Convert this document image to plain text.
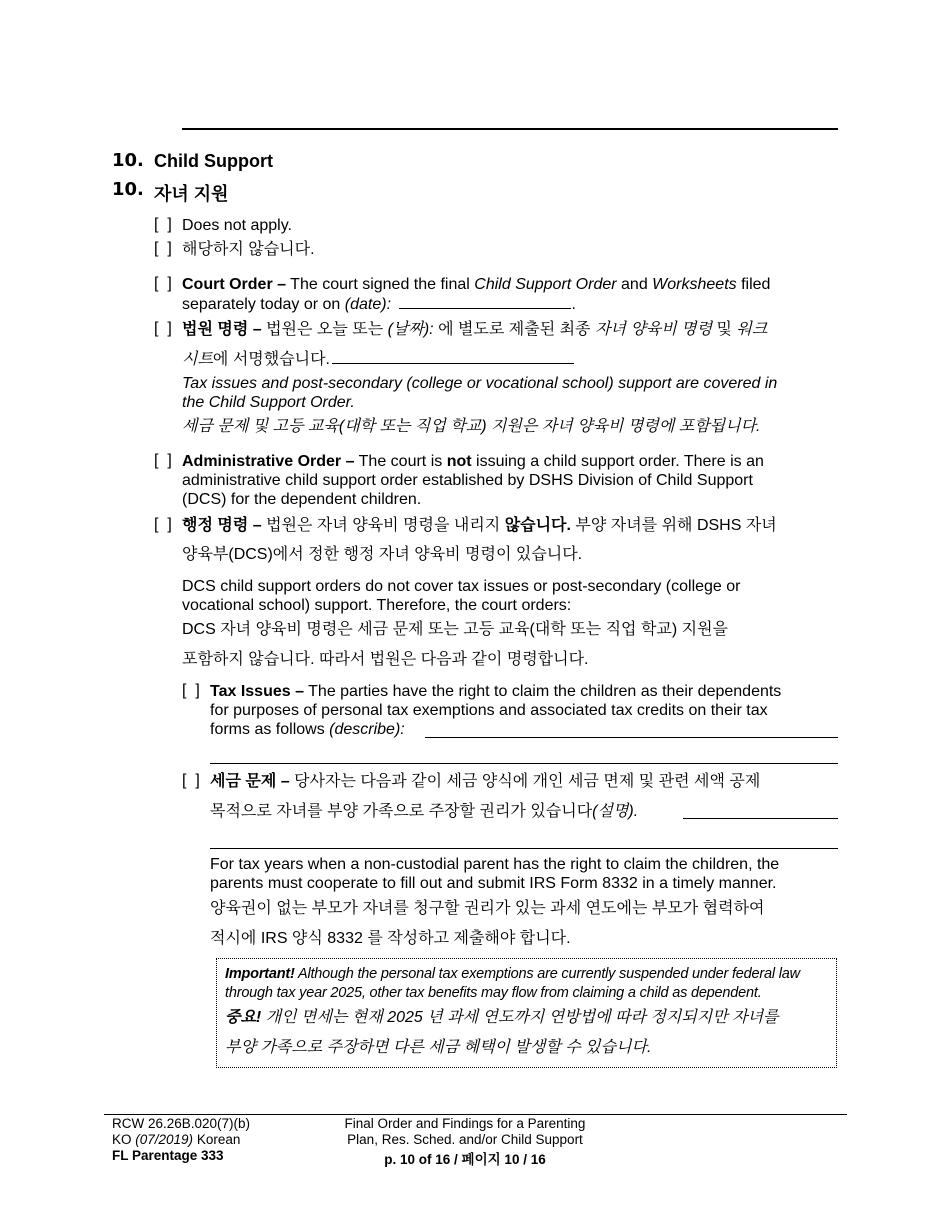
10. Child Support
10. 자녀 지원
[  ] Does not apply.
[  ] 해당하지 않습니다.
[  ] Court Order – The court signed the final Child Support Order and Worksheets filed
separately today or on (date):	.
[  ] 법원 명령 – 법원은 오늘 또는 (날짜): 에 별도로 제출된 최종 자녀 양육비 명령 및 워크
시트에 서명했습니다.
Tax issues and post-secondary (college or vocational school) support are covered in
the Child Support Order.
세금 문제 및 고등 교육(대학 또는 직업 학교) 지원은 자녀 양육비 명령에 포함됩니다.
[  ] Administrative Order – The court is not issuing a child support order. There is an
administrative child support order established by DSHS Division of Child Support
(DCS) for the dependent children.
[  ] 행정 명령 – 법원은 자녀 양육비 명령을 내리지 않습니다. 부양 자녀를 위해 DSHS 자녀
양육부(DCS)에서 정한 행정 자녀 양육비 명령이 있습니다.
DCS child support orders do not cover tax issues or post-secondary (college or
vocational school) support. Therefore, the court orders:
DCS 자녀 양육비 명령은 세금 문제 또는 고등 교육(대학 또는 직업 학교) 지원을
포함하지 않습니다. 따라서 법원은 다음과 같이 명령합니다.
[  ] Tax Issues – The parties have the right to claim the children as their dependents
for purposes of personal tax exemptions and associated tax credits on their tax
forms as follows (describe):
[  ] 세금 문제 – 당사자는 다음과 같이 세금 양식에 개인 세금 면제 및 관련 세액 공제
목적으로 자녀를 부양 가족으로 주장할 권리가 있습니다(설명).
For tax years when a non-custodial parent has the right to claim the children, the
parents must cooperate to fill out and submit IRS Form 8332 in a timely manner.
양육권이 없는 부모가 자녀를 청구할 권리가 있는 과세 연도에는 부모가 협력하여
적시에 IRS 양식 8332 를 작성하고 제출해야 합니다.
Important! Although the personal tax exemptions are currently suspended under federal law
through tax year 2025, other tax benefits may flow from claiming a child as dependent.
중요! 개인 면세는 현재 2025 년 과세 연도까지 연방법에 따라 정지되지만 자녀를
부양 가족으로 주장하면 다른 세금 혜택이 발생할 수 있습니다.
RCW 26.26B.020(7)(b)
KO (07/2019) Korean
FL Parentage 333
Final Order and Findings for a Parenting
Plan, Res. Sched. and/or Child Support
p. 10 of 16 / 페이지 10 / 16
